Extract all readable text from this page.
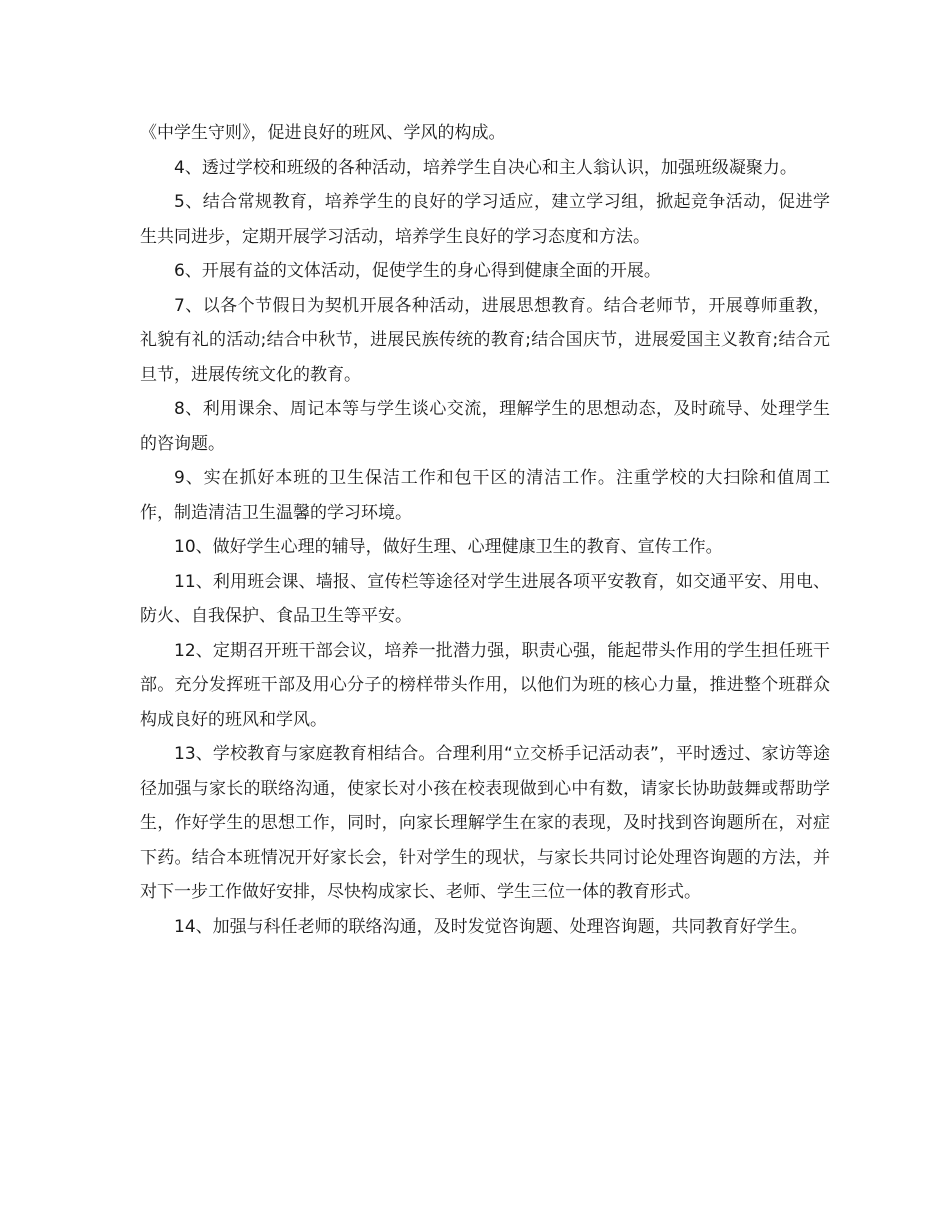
《中学生守则》，促进良好的班风、学风的构成。

4、透过学校和班级的各种活动，培养学生自决心和主人翁认识，加强班级凝聚力。

5、结合常规教育，培养学生的良好的学习适应，建立学习组，掀起竞争活动，促进学生共同进步，定期开展学习活动，培养学生良好的学习态度和方法。

6、开展有益的文体活动，促使学生的身心得到健康全面的开展。

7、以各个节假日为契机开展各种活动，进展思想教育。结合老师节，开展尊师重教，礼貌有礼的活动;结合中秋节，进展民族传统的教育;结合国庆节，进展爱国主义教育;结合元旦节，进展传统文化的教育。

8、利用课余、周记本等与学生谈心交流，理解学生的思想动态，及时疏导、处理学生的咨询题。

9、实在抓好本班的卫生保洁工作和包干区的清洁工作。注重学校的大扫除和值周工作，制造清洁卫生温馨的学习环境。

10、做好学生心理的辅导，做好生理、心理健康卫生的教育、宣传工作。

11、利用班会课、墙报、宣传栏等途径对学生进展各项平安教育，如交通平安、用电、防火、自我保护、食品卫生等平安。

12、定期召开班干部会议，培养一批潜力强，职责心强，能起带头作用的学生担任班干部。充分发挥班干部及用心分子的榜样带头作用，以他们为班的核心力量，推进整个班群众构成良好的班风和学风。

13、学校教育与家庭教育相结合。合理利用“立交桥手记活动表”，平时透过、家访等途径加强与家长的联络沟通，使家长对小孩在校表现做到心中有数，请家长协助鼓舞或帮助学生，作好学生的思想工作，同时，向家长理解学生在家的表现，及时找到咨询题所在，对症下药。结合本班情况开好家长会，针对学生的现状，与家长共同讨论处理咨询题的方法，并对下一步工作做好安排，尽快构成家长、老师、学生三位一体的教育形式。

14、加强与科任老师的联络沟通，及时发觉咨询题、处理咨询题，共同教育好学生。
